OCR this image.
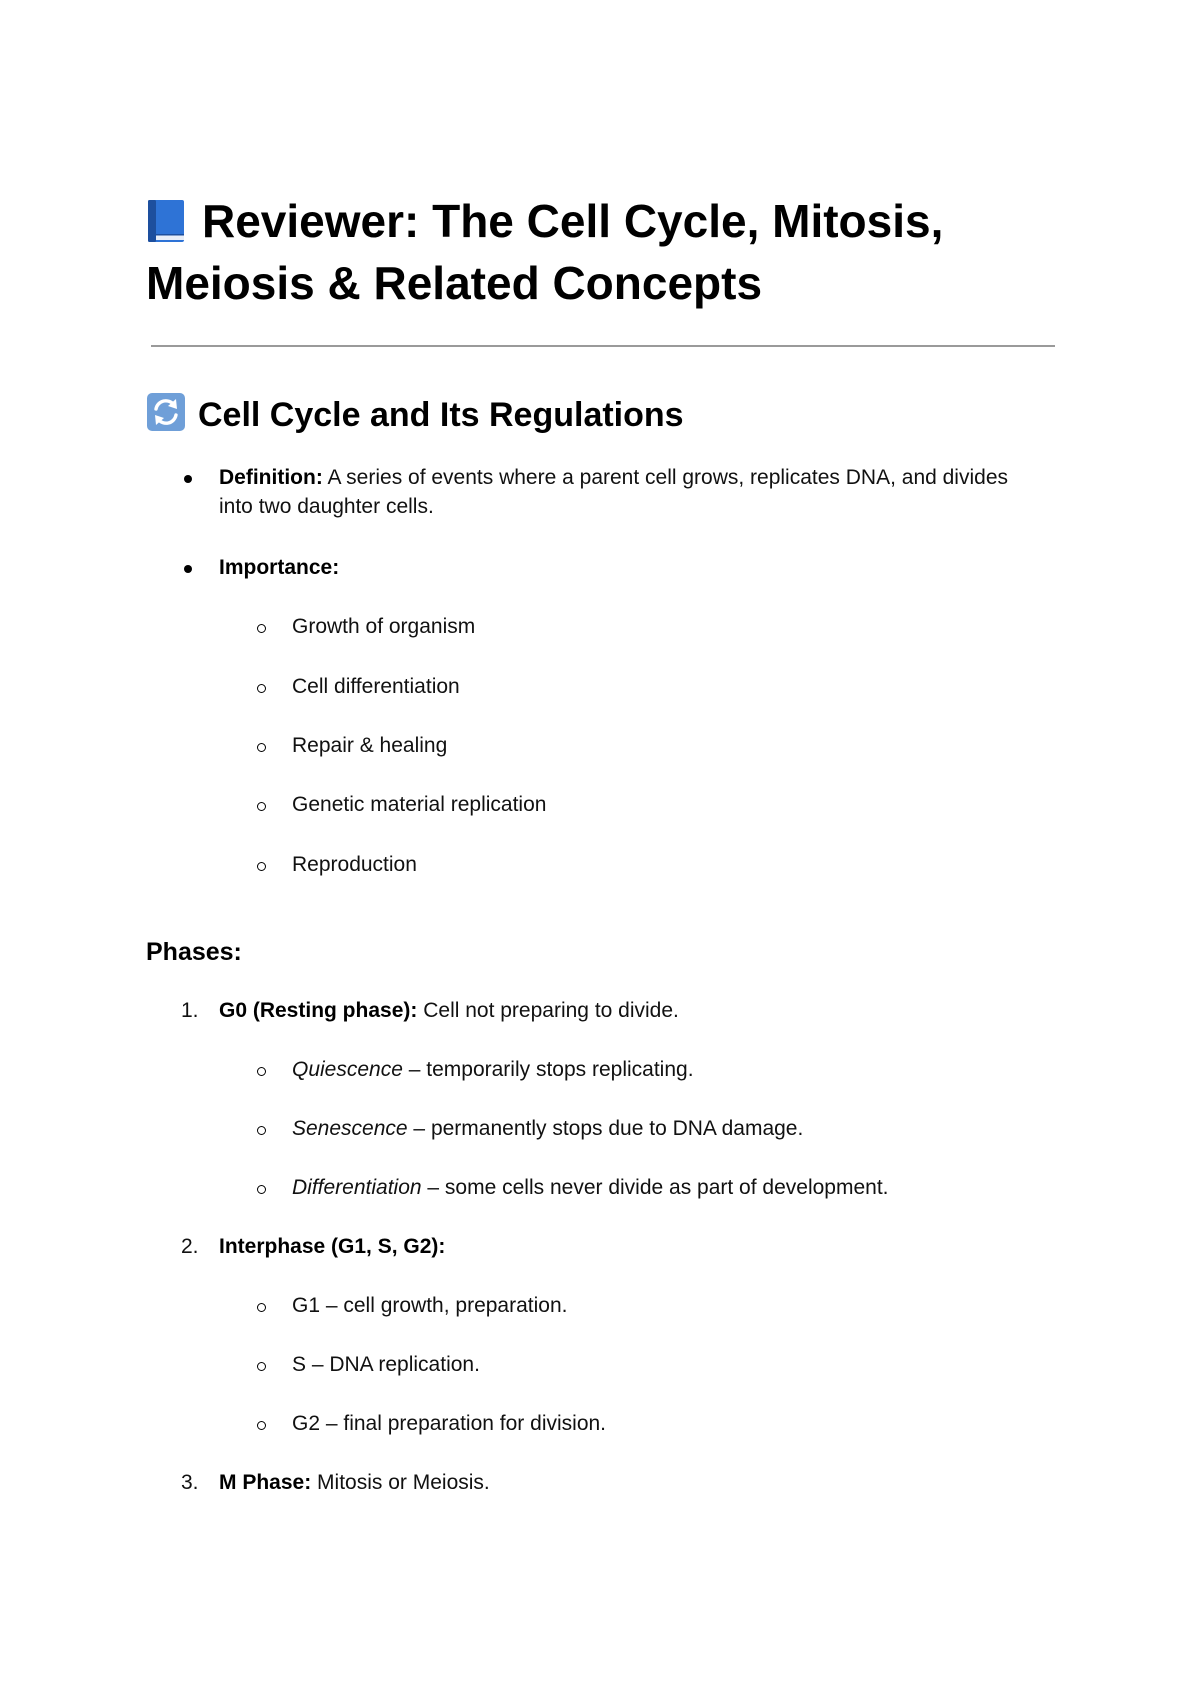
Reviewer: The Cell Cycle, Mitosis,
Meiosis & Related Concepts
Cell Cycle and Its Regulations
Definition: A series of events where a parent cell grows, replicates DNA, and divides
into two daughter cells.
Importance:
Growth of organism
Cell differentiation
Repair & healing
Genetic material replication
Reproduction
Phases:
1. G0 (Resting phase): Cell not preparing to divide.
Quiescence – temporarily stops replicating.
Senescence – permanently stops due to DNA damage.
Differentiation – some cells never divide as part of development.
2. Interphase (G1, S, G2):
G1 – cell growth, preparation.
S – DNA replication.
G2 – final preparation for division.
3. M Phase: Mitosis or Meiosis.
